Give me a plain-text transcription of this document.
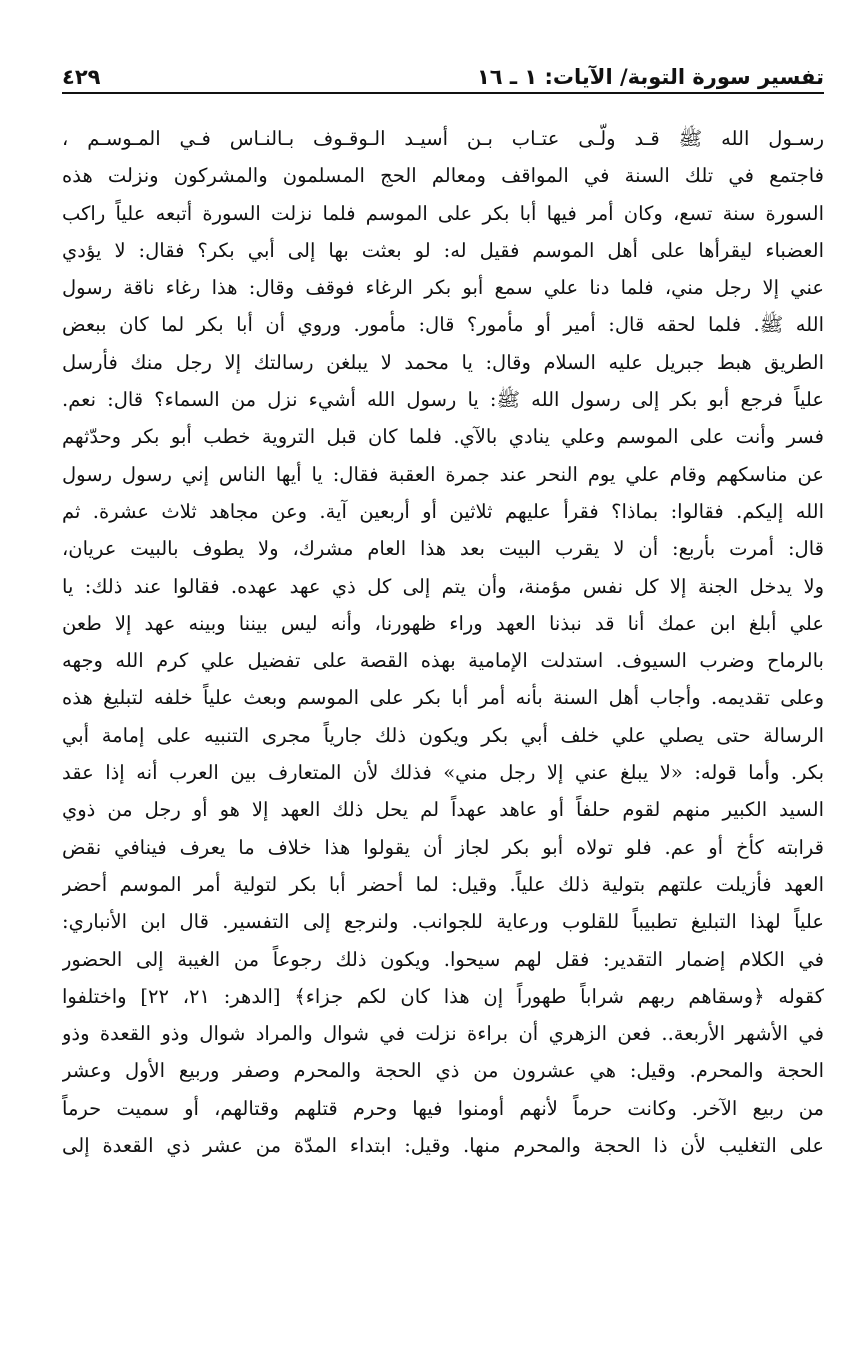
تفسير سورة التوبة/ الآيات: ١ ـ ١٦
٤٢٩
رسـول الله ﷺ قـد ولّـى عتـاب بـن أسيـد الـوقـوف بـالنـاس فـي المـوسـم ،
فاجتمع في تلك السنة في المواقف ومعالم الحج المسلمون والمشركون ونزلت هذه
السورة سنة تسع، وكان أمر فيها أبا بكر على الموسم فلما نزلت السورة أتبعه علياً راكب
العضباء ليقرأها على أهل الموسم فقيل له: لو بعثت بها إلى أبي بكر؟ فقال: لا يؤدي
عني إلا رجل مني، فلما دنا علي سمع أبو بكر الرغاء فوقف وقال: هذا رغاء ناقة رسول
الله ﷺ. فلما لحقه قال: أمير أو مأمور؟ قال: مأمور. وروي أن أبا بكر لما كان ببعض
الطريق هبط جبريل عليه السلام وقال: يا محمد لا يبلغن رسالتك إلا رجل منك فأرسل
علياً فرجع أبو بكر إلى رسول الله ﷺ: يا رسول الله أشيء نزل من السماء؟ قال: نعم.
فسر وأنت على الموسم وعلي ينادي بالآي. فلما كان قبل التروية خطب أبو بكر وحدّثهم
عن مناسكهم وقام علي يوم النحر عند جمرة العقبة فقال: يا أيها الناس إني رسول رسول
الله إليكم. فقالوا: بماذا؟ فقرأ عليهم ثلاثين أو أربعين آية. وعن مجاهد ثلاث عشرة. ثم
قال: أمرت بأربع: أن لا يقرب البيت بعد هذا العام مشرك، ولا يطوف بالبيت عريان،
ولا يدخل الجنة إلا كل نفس مؤمنة، وأن يتم إلى كل ذي عهد عهده. فقالوا عند ذلك: يا
علي أبلغ ابن عمك أنا قد نبذنا العهد وراء ظهورنا، وأنه ليس بيننا وبينه عهد إلا طعن
بالرماح وضرب السيوف. استدلت الإمامية بهذه القصة على تفضيل علي كرم الله وجهه
وعلى تقديمه. وأجاب أهل السنة بأنه أمر أبا بكر على الموسم وبعث علياً خلفه لتبليغ هذه
الرسالة حتى يصلي علي خلف أبي بكر ويكون ذلك جارياً مجرى التنبيه على إمامة أبي
بكر. وأما قوله: «لا يبلغ عني إلا رجل مني» فذلك لأن المتعارف بين العرب أنه إذا عقد
السيد الكبير منهم لقوم حلفاً أو عاهد عهداً لم يحل ذلك العهد إلا هو أو رجل من ذوي
قرابته كأخ أو عم. فلو تولاه أبو بكر لجاز أن يقولوا هذا خلاف ما يعرف فينافي نقض
العهد فأزيلت علتهم بتولية ذلك علياً. وقيل: لما أحضر أبا بكر لتولية أمر الموسم أحضر
علياً لهذا التبليغ تطبيباً للقلوب ورعاية للجوانب. ولنرجع إلى التفسير. قال ابن الأنباري:
في الكلام إضمار التقدير: فقل لهم سيحوا. ويكون ذلك رجوعاً من الغيبة إلى الحضور
كقوله ﴿وسقاهم ربهم شراباً طهوراً إن هذا كان لكم جزاء﴾ [الدهر: ٢١، ٢٢] واختلفوا
في الأشهر الأربعة.. فعن الزهري أن براءة نزلت في شوال والمراد شوال وذو القعدة وذو
الحجة والمحرم. وقيل: هي عشرون من ذي الحجة والمحرم وصفر وربيع الأول وعشر
من ربيع الآخر. وكانت حرماً لأنهم أومنوا فيها وحرم قتلهم وقتالهم، أو سميت حرماً
على التغليب لأن ذا الحجة والمحرم منها. وقيل: ابتداء المدّة من عشر ذي القعدة إلى
